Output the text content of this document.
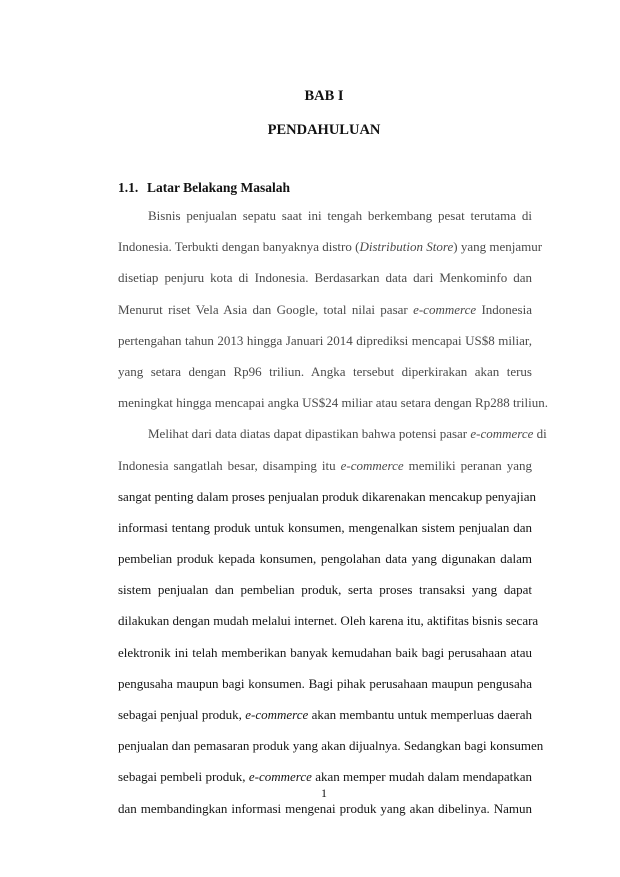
BAB I

PENDAHULUAN

1.1. Latar Belakang Masalah

Bisnis penjualan sepatu saat ini tengah berkembang pesat terutama di
Indonesia. Terbukti dengan banyaknya distro (Distribution Store) yang menjamur
disetiap penjuru kota di Indonesia. Berdasarkan data dari Menkominfo dan
Menurut riset Vela Asia dan Google, total nilai pasar e-commerce Indonesia
pertengahan tahun 2013 hingga Januari 2014 diprediksi mencapai US$8 miliar,
yang setara dengan Rp96 triliun. Angka tersebut diperkirakan akan terus
meningkat hingga mencapai angka US$24 miliar atau setara dengan Rp288 triliun.
Melihat dari data diatas dapat dipastikan bahwa potensi pasar e-commerce di
Indonesia sangatlah besar, disamping itu e-commerce memiliki peranan yang
sangat penting dalam proses penjualan produk dikarenakan mencakup penyajian
informasi tentang produk untuk konsumen, mengenalkan sistem penjualan dan
pembelian produk kepada konsumen, pengolahan data yang digunakan dalam
sistem penjualan dan pembelian produk, serta proses transaksi yang dapat
dilakukan dengan mudah melalui internet. Oleh karena itu, aktifitas bisnis secara
elektronik ini telah memberikan banyak kemudahan baik bagi perusahaan atau
pengusaha maupun bagi konsumen. Bagi pihak perusahaan maupun pengusaha
sebagai penjual produk, e-commerce akan membantu untuk memperluas daerah
penjualan dan pemasaran produk yang akan dijualnya. Sedangkan bagi konsumen
sebagai pembeli produk, e-commerce akan memper mudah dalam mendapatkan
dan membandingkan informasi mengenai produk yang akan dibelinya. Namun
1
